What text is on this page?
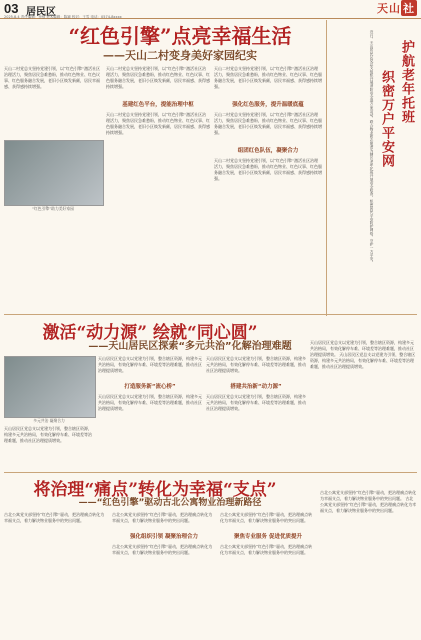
03 居民区
2025.8.4 责任编辑：李强 美术编辑：陈颖 校对：王雪 电话：0574-8xxxx
天山 社
“红色引擎”点亮幸福生活
——天山二村变身美好家园纪实
天山二村党总支坚持党建引领，以“红色引擎”激活社区治理活力，聚焦居民急难愁盼，推动红色物业、红色议事、红色服务融合发展，老旧小区焕发新颜，居民幸福感、获得感持续增强。
“红色引擎”助力美好家园
天山二村党总支坚持党建引领，以“红色引擎”激活社区治理活力，聚焦居民急难愁盼，推动红色物业、红色议事、红色服务融合发展，老旧小区焕发新颜，居民幸福感、获得感持续增强。
基建红色平台，提能治理中枢
天山二村党总支坚持党建引领，以“红色引擎”激活社区治理活力，聚焦居民急难愁盼，推动红色物业、红色议事、红色服务融合发展，老旧小区焕发新颜，居民幸福感、获得感持续增强。
天山二村党总支坚持党建引领，以“红色引擎”激活社区治理活力，聚焦居民急难愁盼，推动红色物业、红色议事、红色服务融合发展，老旧小区焕发新颜，居民幸福感、获得感持续增强。
强化红色服务，提升温暖底蕴
天山二村党总支坚持党建引领，以“红色引擎”激活社区治理活力，聚焦居民急难愁盼，推动红色物业、红色议事、红色服务融合发展，老旧小区焕发新颜，居民幸福感、获得感持续增强。
组团红色队伍，凝聚合力
天山二村党总支坚持党建引领，以“红色引擎”激活社区治理活力，聚焦居民急难愁盼，推动红色物业、红色议事、红色服务融合发展，老旧小区焕发新颜，居民幸福感、获得感持续增强。
护航老年托班
织密万户平安网
近日，天山居民区党总支组织开展消防安全进万家活动，联合物业和志愿者为辖区老年托班开展安全检查，织密居民平安防护网络，守护一方平安。
激活“动力源” 绘就“同心圆”
——天山居民区探索“多元共治”化解治理难题
多元共治 凝聚合力
天山居民区党总支以党建为引领，整合辖区资源，构建多元共治格局，有效化解停车难、环境差等治理难题，推动社区治理提质增效。
天山居民区党总支以党建为引领，整合辖区资源，构建多元共治格局，有效化解停车难、环境差等治理难题，推动社区治理提质增效。
打造服务新“流心桥”
天山居民区党总支以党建为引领，整合辖区资源，构建多元共治格局，有效化解停车难、环境差等治理难题，推动社区治理提质增效。
天山居民区党总支以党建为引领，整合辖区资源，构建多元共治格局，有效化解停车难、环境差等治理难题，推动社区治理提质增效。
搭建共治新“动力源”
天山居民区党总支以党建为引领，整合辖区资源，构建多元共治格局，有效化解停车难、环境差等治理难题，推动社区治理提质增效。
天山居民区党总支以党建为引领，整合辖区资源，构建多元共治格局，有效化解停车难、环境差等治理难题，推动社区治理提质增效。 天山居民区党总支以党建为引领，整合辖区资源，构建多元共治格局，有效化解停车难、环境差等治理难题，推动社区治理提质增效。
将治理“痛点”转化为幸福“支点”
——“红色引擎”驱动古北公寓物业治理新路径
古北公寓党支部坚持“红色引擎”驱动，把治理痛点转化为幸福支点，着力解决物业服务中的突出问题。
古北公寓党支部坚持“红色引擎”驱动，把治理痛点转化为幸福支点，着力解决物业服务中的突出问题。
强化组织引领 凝聚治理合力
古北公寓党支部坚持“红色引擎”驱动，把治理痛点转化为幸福支点，着力解决物业服务中的突出问题。
古北公寓党支部坚持“红色引擎”驱动，把治理痛点转化为幸福支点，着力解决物业服务中的突出问题。
聚焦专业服务 促进优质提升
古北公寓党支部坚持“红色引擎”驱动，把治理痛点转化为幸福支点，着力解决物业服务中的突出问题。
古北公寓党支部坚持“红色引擎”驱动，把治理痛点转化为幸福支点，着力解决物业服务中的突出问题。 古北公寓党支部坚持“红色引擎”驱动，把治理痛点转化为幸福支点，着力解决物业服务中的突出问题。
